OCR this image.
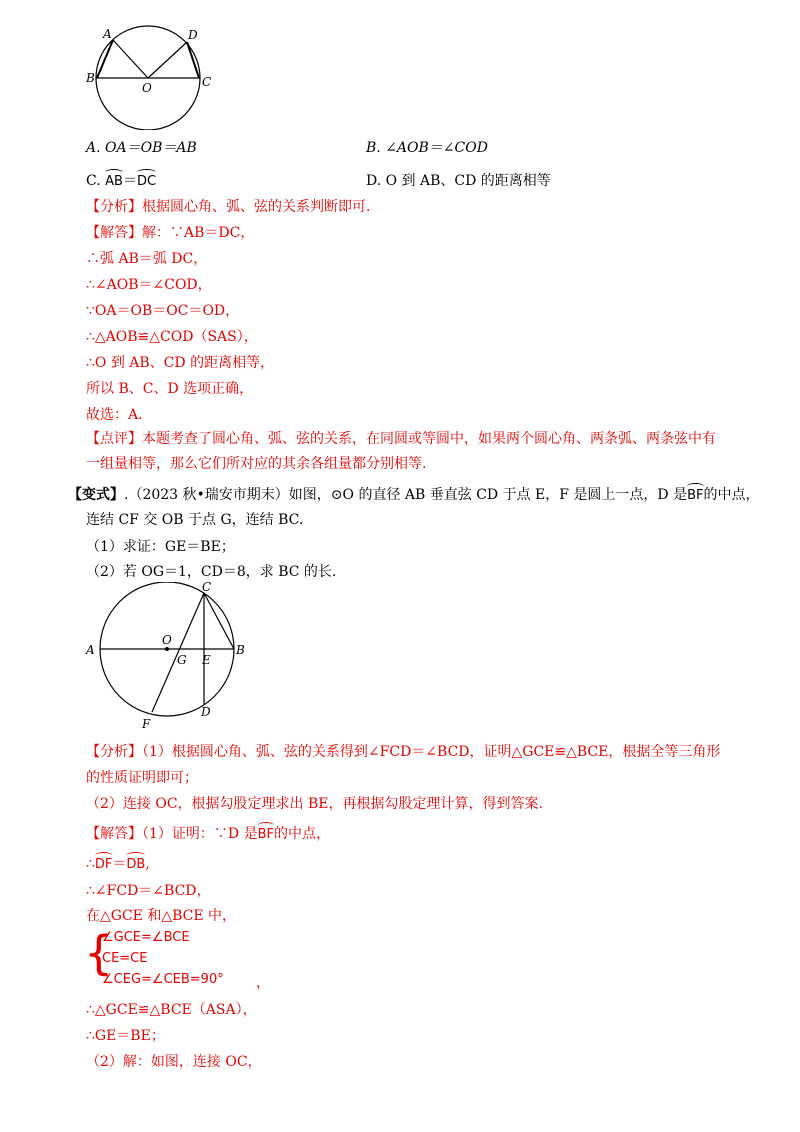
A	D
B	C
O
A. OA＝OB＝AB	B. ∠AOB＝∠COD
C. AB＝DC	D. O 到 AB、CD 的距离相等
【分析】根据圆心角、弧、弦的关系判断即可.
【解答】解：∵AB＝DC，
∴弧 AB＝弧 DC，
∴∠AOB＝∠COD，
∵OA＝OB＝OC＝OD，
∴△AOB≌△COD（SAS），
∴O 到 AB、CD 的距离相等，
所以 B、C、D 选项正确，
故选：A.
【点评】本题考查了圆心角、弧、弦的关系，在同圆或等圆中，如果两个圆心角、两条弧、两条弦中有
一组量相等，那么它们所对应的其余各组量都分别相等.
【变式】.（2023 秋•瑞安市期末）如图，⊙O 的直径 AB 垂直弦 CD 于点 E，F 是圆上一点，D 是BF的中点，
连结 CF 交 OB 于点 G，连结 BC.
（1）求证：GE＝BE；
（2）若 OG＝1，CD＝8，求 BC 的长.
A	B
C
O
G E
D
F
【分析】（1）根据圆心角、弧、弦的关系得到∠FCD＝∠BCD，证明△GCE≌△BCE，根据全等三角形
的性质证明即可；
（2）连接 OC，根据勾股定理求出 BE，再根据勾股定理计算，得到答案.
【解答】（1）证明：∵D 是BF的中点，
∴DF＝DB,
∴∠FCD＝∠BCD，
在△GCE 和△BCE 中，
{
∠GCE=∠BCE
CE=CE
∠CEG=∠CEB=90° ，
∴△GCE≌△BCE（ASA），
∴GE＝BE；
（2）解：如图，连接 OC，
